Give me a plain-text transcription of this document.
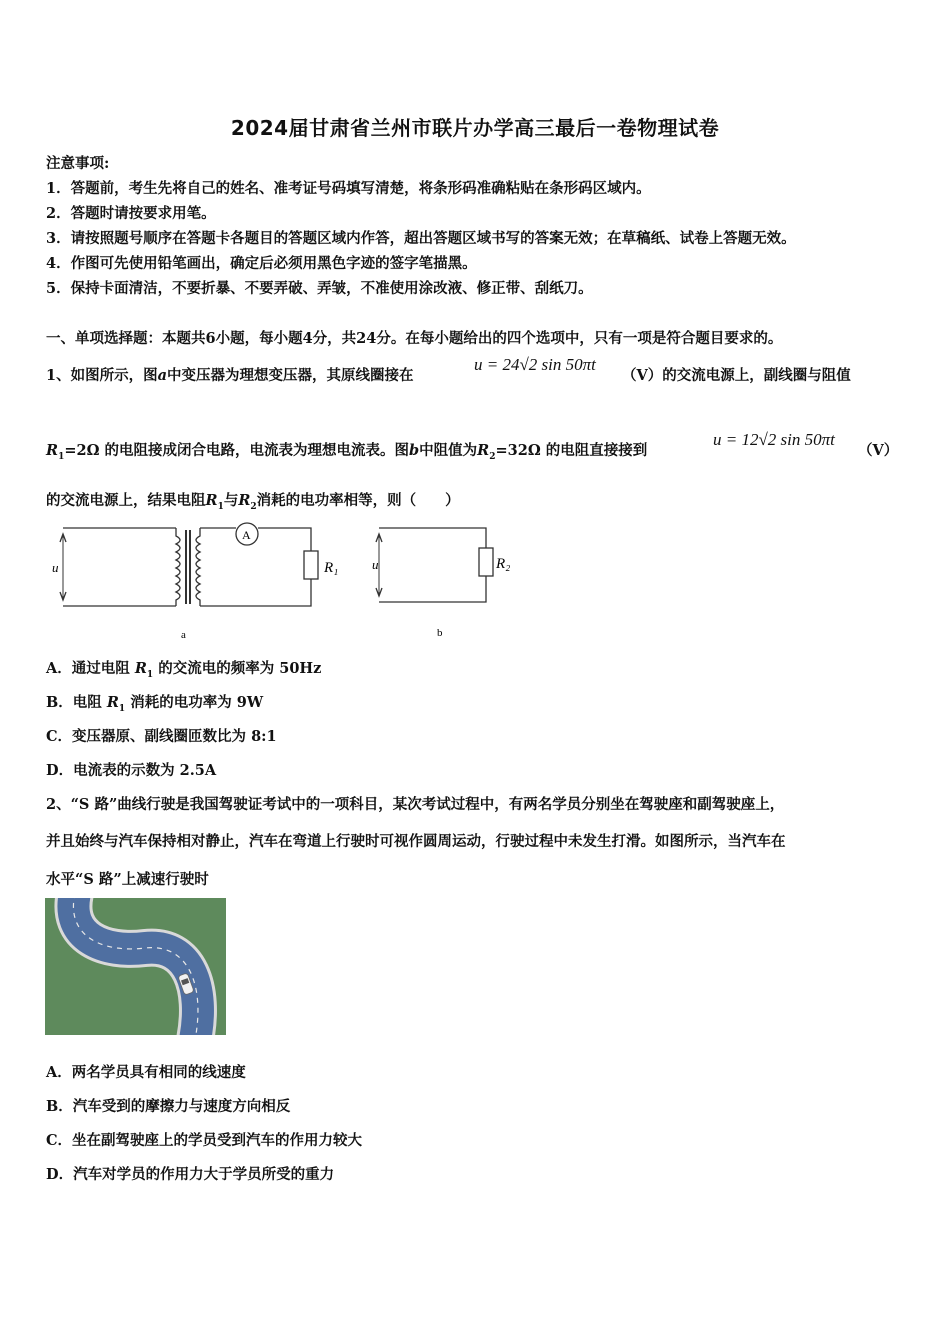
2024届甘肃省兰州市联片办学高三最后一卷物理试卷
注意事项:
1．答题前，考生先将自己的姓名、准考证号码填写清楚，将条形码准确粘贴在条形码区域内。
2．答题时请按要求用笔。
3．请按照题号顺序在答题卡各题目的答题区域内作答，超出答题区域书写的答案无效；在草稿纸、试卷上答题无效。
4．作图可先使用铅笔画出，确定后必须用黑色字迹的签字笔描黑。
5．保持卡面清洁，不要折暴、不要弄破、弄皱，不准使用涂改液、修正带、刮纸刀。
一、单项选择题：本题共6小题，每小题4分，共24分。在每小题给出的四个选项中，只有一项是符合题目要求的。
1、如图所示，图a中变压器为理想变压器，其原线圈接在
u = 24√2 sin 50πt
（V）的交流电源上，副线圈与阻值
$R_1=2\Omega$ 的电阻接成闭合电路，电流表为理想电流表。图b中阻值为$R_2=32\Omega$ 的电阻直接接到
u = 12√2 sin 50πt
（V）
的交流电源上，结果电阻$R_1$与$R_2$消耗的电功率相等，则（　　）
u
A
R₁
a
u	R₂
b
A．通过电阻 $R_1$ 的交流电的频率为 50Hz
B．电阻 $R_1$ 消耗的电功率为 9W
C．变压器原、副线圈匝数比为 8:1
D．电流表的示数为 2.5A
2、“S 路”曲线行驶是我国驾驶证考试中的一项科目，某次考试过程中，有两名学员分别坐在驾驶座和副驾驶座上，
并且始终与汽车保持相对静止，汽车在弯道上行驶时可视作圆周运动，行驶过程中未发生打滑。如图所示，当汽车在
水平“S 路”上减速行驶时
A．两名学员具有相同的线速度
B．汽车受到的摩擦力与速度方向相反
C．坐在副驾驶座上的学员受到汽车的作用力较大
D．汽车对学员的作用力大于学员所受的重力
